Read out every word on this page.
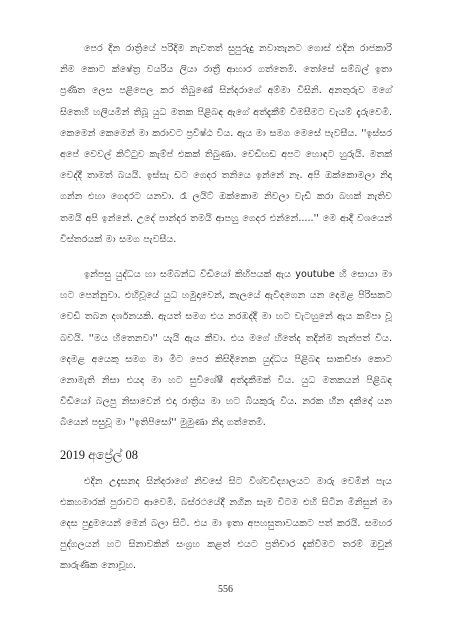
පෙර දින රාත්‍රියේ පරිදිම නැවතත් සුපුරුදු නවාතැනට ගොස් එදින රාජකාරි නිම කොට ක්ෂේත්‍ර වයරිය ලියා රාත්‍රී ආහාර ගත්තෙමි. තෝසේ සම්බල් ඉතා ප්‍රණීත ලෙස පළිපෙල කර තිබුණේ සින්දරාගේ අම්මා විසිනි. අනතුරුව මගේ සිතෙහි හලියමින් තිබූ යුධ මතක පිළිබඳ ඇගේ අත්දැකීම් විමසීමට වැයම් දැරුවෙමි. කෙමෙන් කෙමෙන් මා කරාවට ප්‍රවිෂ්ඨ විය. ඇය මා සමග මෙසේ පැවසීය. ''ඉස්සර අපේ වෙවල් කිට්ටුව කැම්ප් එකක් තිබුණා. වෙඩිහඩ අපට හොඳට හුරුයි. මතක් වෙද්දී තාමත් බයයි. ඉස්සැ ඩට ගෙදර තනියෙ ඉන්නේ නෑ. අපි ඔක්කොමලා නිදා ගන්න එහා ගෙදරට යනවා. රෑ ලයිට් ඔක්කොම නිවලා වැඩී කරා බහක් නැතිව තමයි අපි ඉන්නේ. උදේ පාන්දර තමයි ආපහු ගෙදර එන්නේ.....'' මෙ ආදී වශයෙන් විස්තරයක් මා සමග පැවසීය.

ඉන්පසු යුද්ධය හා සම්බන්ධ විඩියෝ කිහිපයක් ඇය youtube හි සොයා මා හට පෙන්නුවා. එහිවූයේ යුධ හමුදාවෙන්, කැලයේ ඇවිදගෙන යන දෙමළ පිරිසකට වෙඩි තබන දර්ශනයකි. ඇයත් සමග එය නරඹද්දී මා හට වැටහුනේ ඇය කම්පා වූ බවයි. ''මය හිතෙනවා'' යැයි ඇය කීවා. එය මගේ හිතේද තදින්ම තැන්පත් විය. දෙමළ අයෙකු සමග මා මීට පෙර කිසිදිනෙක යුද්ධය පිළිබඳ සාකච්ඡා කොට නොමැති නිසා එයද මා හට සුවිශේෂී අත්දැකීමක් විය. යුධ මතකයන් පිළිබඳ විඩියෝ බලපු නිසාවෙන් එදා රාත්‍රිය මා හට බියකුරු විය. නරක හීන දකීදෝ යන බියෙන් පසුවූ මා ''ඉතිපිසෝ'' මුමුණා නිදා ගත්තෙමි.

2019 අප්‍රේල් 08

එදින උදැසනද සින්දරාගේ නිවසේ සිට විශ්වවිද්‍යාලයට මාරු වෙමින් පැය එකහමාරක් පුරාවට ආවෙමි. බස්රථයේදී නගින සෑම විටම එහි සිටින මිනිසුන් මා දෙස පුදුමයෙන් මෙන් බලා සිටි. එය මා ඉතා අපහසුතාවයකට පත් කරයි. සමහර පුද්ගලයන් හට සිනාවකින් සංග්‍රහ කළත් එයට ප්‍රතිචාර දැක්වීමට තරම් ඔවුන් කාරුණික නොවූහ.

556
